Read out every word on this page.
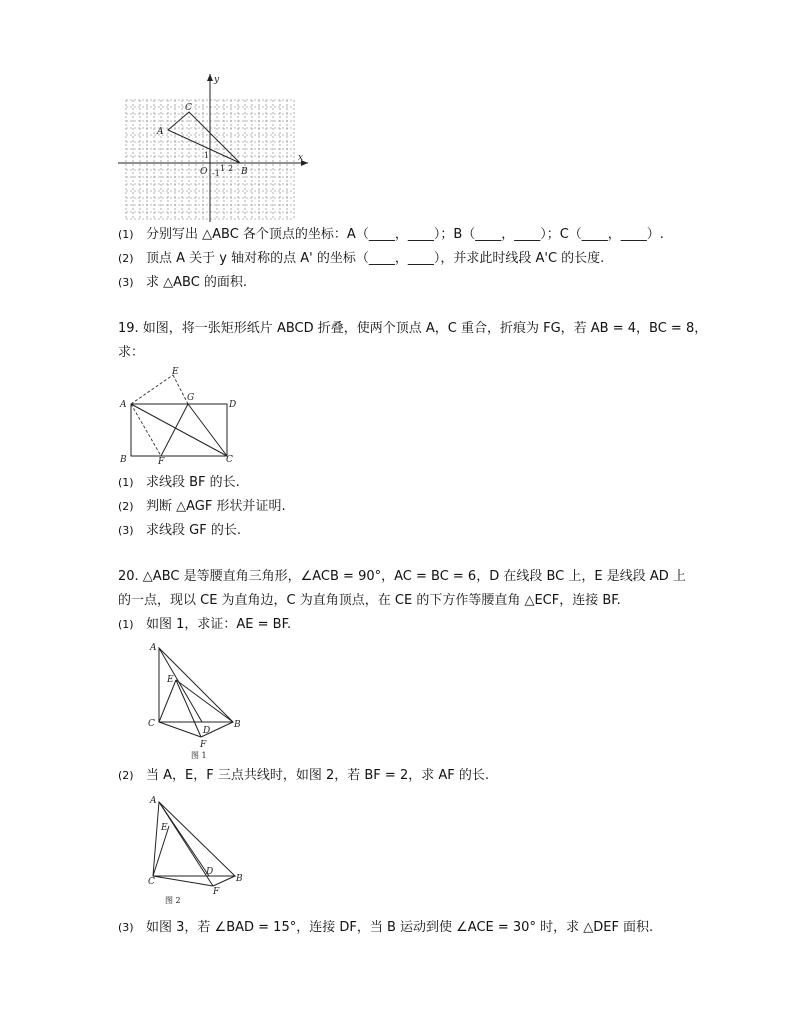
y
x
A
C
B
O
1
-1
1 2
(1) 分别写出 △ABC 各个顶点的坐标：A（____，____）；B（____，____）；C（____，____）.
(2) 顶点 A 关于 y 轴对称的点 A' 的坐标（____，____），并求此时线段 A'C 的长度.
(3) 求 △ABC 的面积.
19. 如图，将一张矩形纸片 ABCD 折叠，使两个顶点 A，C 重合，折痕为 FG，若 AB = 4，BC = 8，
求：
A
B	C
D
E
F
G
(1) 求线段 BF 的长.
(2) 判断 △AGF 形状并证明.
(3) 求线段 GF 的长.
20. △ABC 是等腰直角三角形，∠ACB = 90°，AC = BC = 6，D 在线段 BC 上，E 是线段 AD 上
的一点，现以 CE 为直角边，C 为直角顶点，在 CE 的下方作等腰直角 △ECF，连接 BF.
(1) 如图 1，求证：AE = BF.
A
E
C	B
D
F
图 1
(2) 当 A，E，F 三点共线时，如图 2，若 BF = 2，求 AF 的长.
A
E
C
D
B
F
图 2
(3) 如图 3，若 ∠BAD = 15°，连接 DF，当 B 运动到使 ∠ACE = 30° 时，求 △DEF 面积.
